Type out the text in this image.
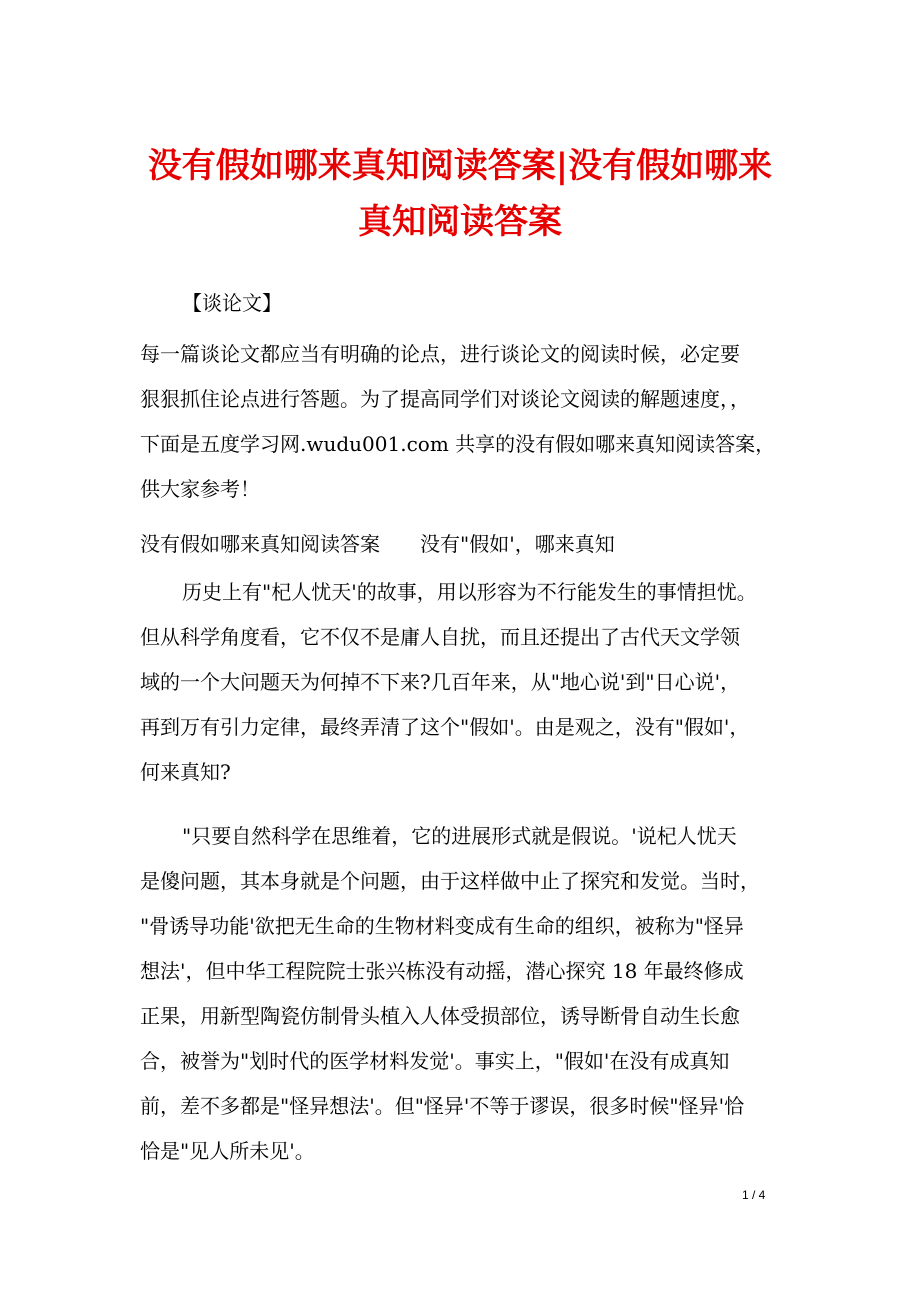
没有假如哪来真知阅读答案|没有假如哪来
真知阅读答案
【谈论文】
每一篇谈论文都应当有明确的论点，进行谈论文的阅读时候，必定要
狠狠抓住论点进行答题。为了提高同学们对谈论文阅读的解题速度，，
下面是五度学习网.wudu001.com 共享的没有假如哪来真知阅读答案，
供大家参考！
没有假如哪来真知阅读答案　　没有"假如'，哪来真知
历史上有"杞人忧天'的故事，用以形容为不行能发生的事情担忧。
但从科学角度看，它不仅不是庸人自扰，而且还提出了古代天文学领
域的一个大问题天为何掉不下来?几百年来，从"地心说'到"日心说'，
再到万有引力定律，最终弄清了这个"假如'。由是观之，没有"假如'，
何来真知?
"只要自然科学在思维着，它的进展形式就是假说。'说杞人忧天
是傻问题，其本身就是个问题，由于这样做中止了探究和发觉。当时，
"骨诱导功能'欲把无生命的生物材料变成有生命的组织，被称为"怪异
想法'，但中华工程院院士张兴栋没有动摇，潜心探究 18 年最终修成
正果，用新型陶瓷仿制骨头植入人体受损部位，诱导断骨自动生长愈
合，被誉为"划时代的医学材料发觉'。事实上，"假如'在没有成真知
前，差不多都是"怪异想法'。但"怪异'不等于谬误，很多时候"怪异'恰
恰是"见人所未见'。
1 / 4
